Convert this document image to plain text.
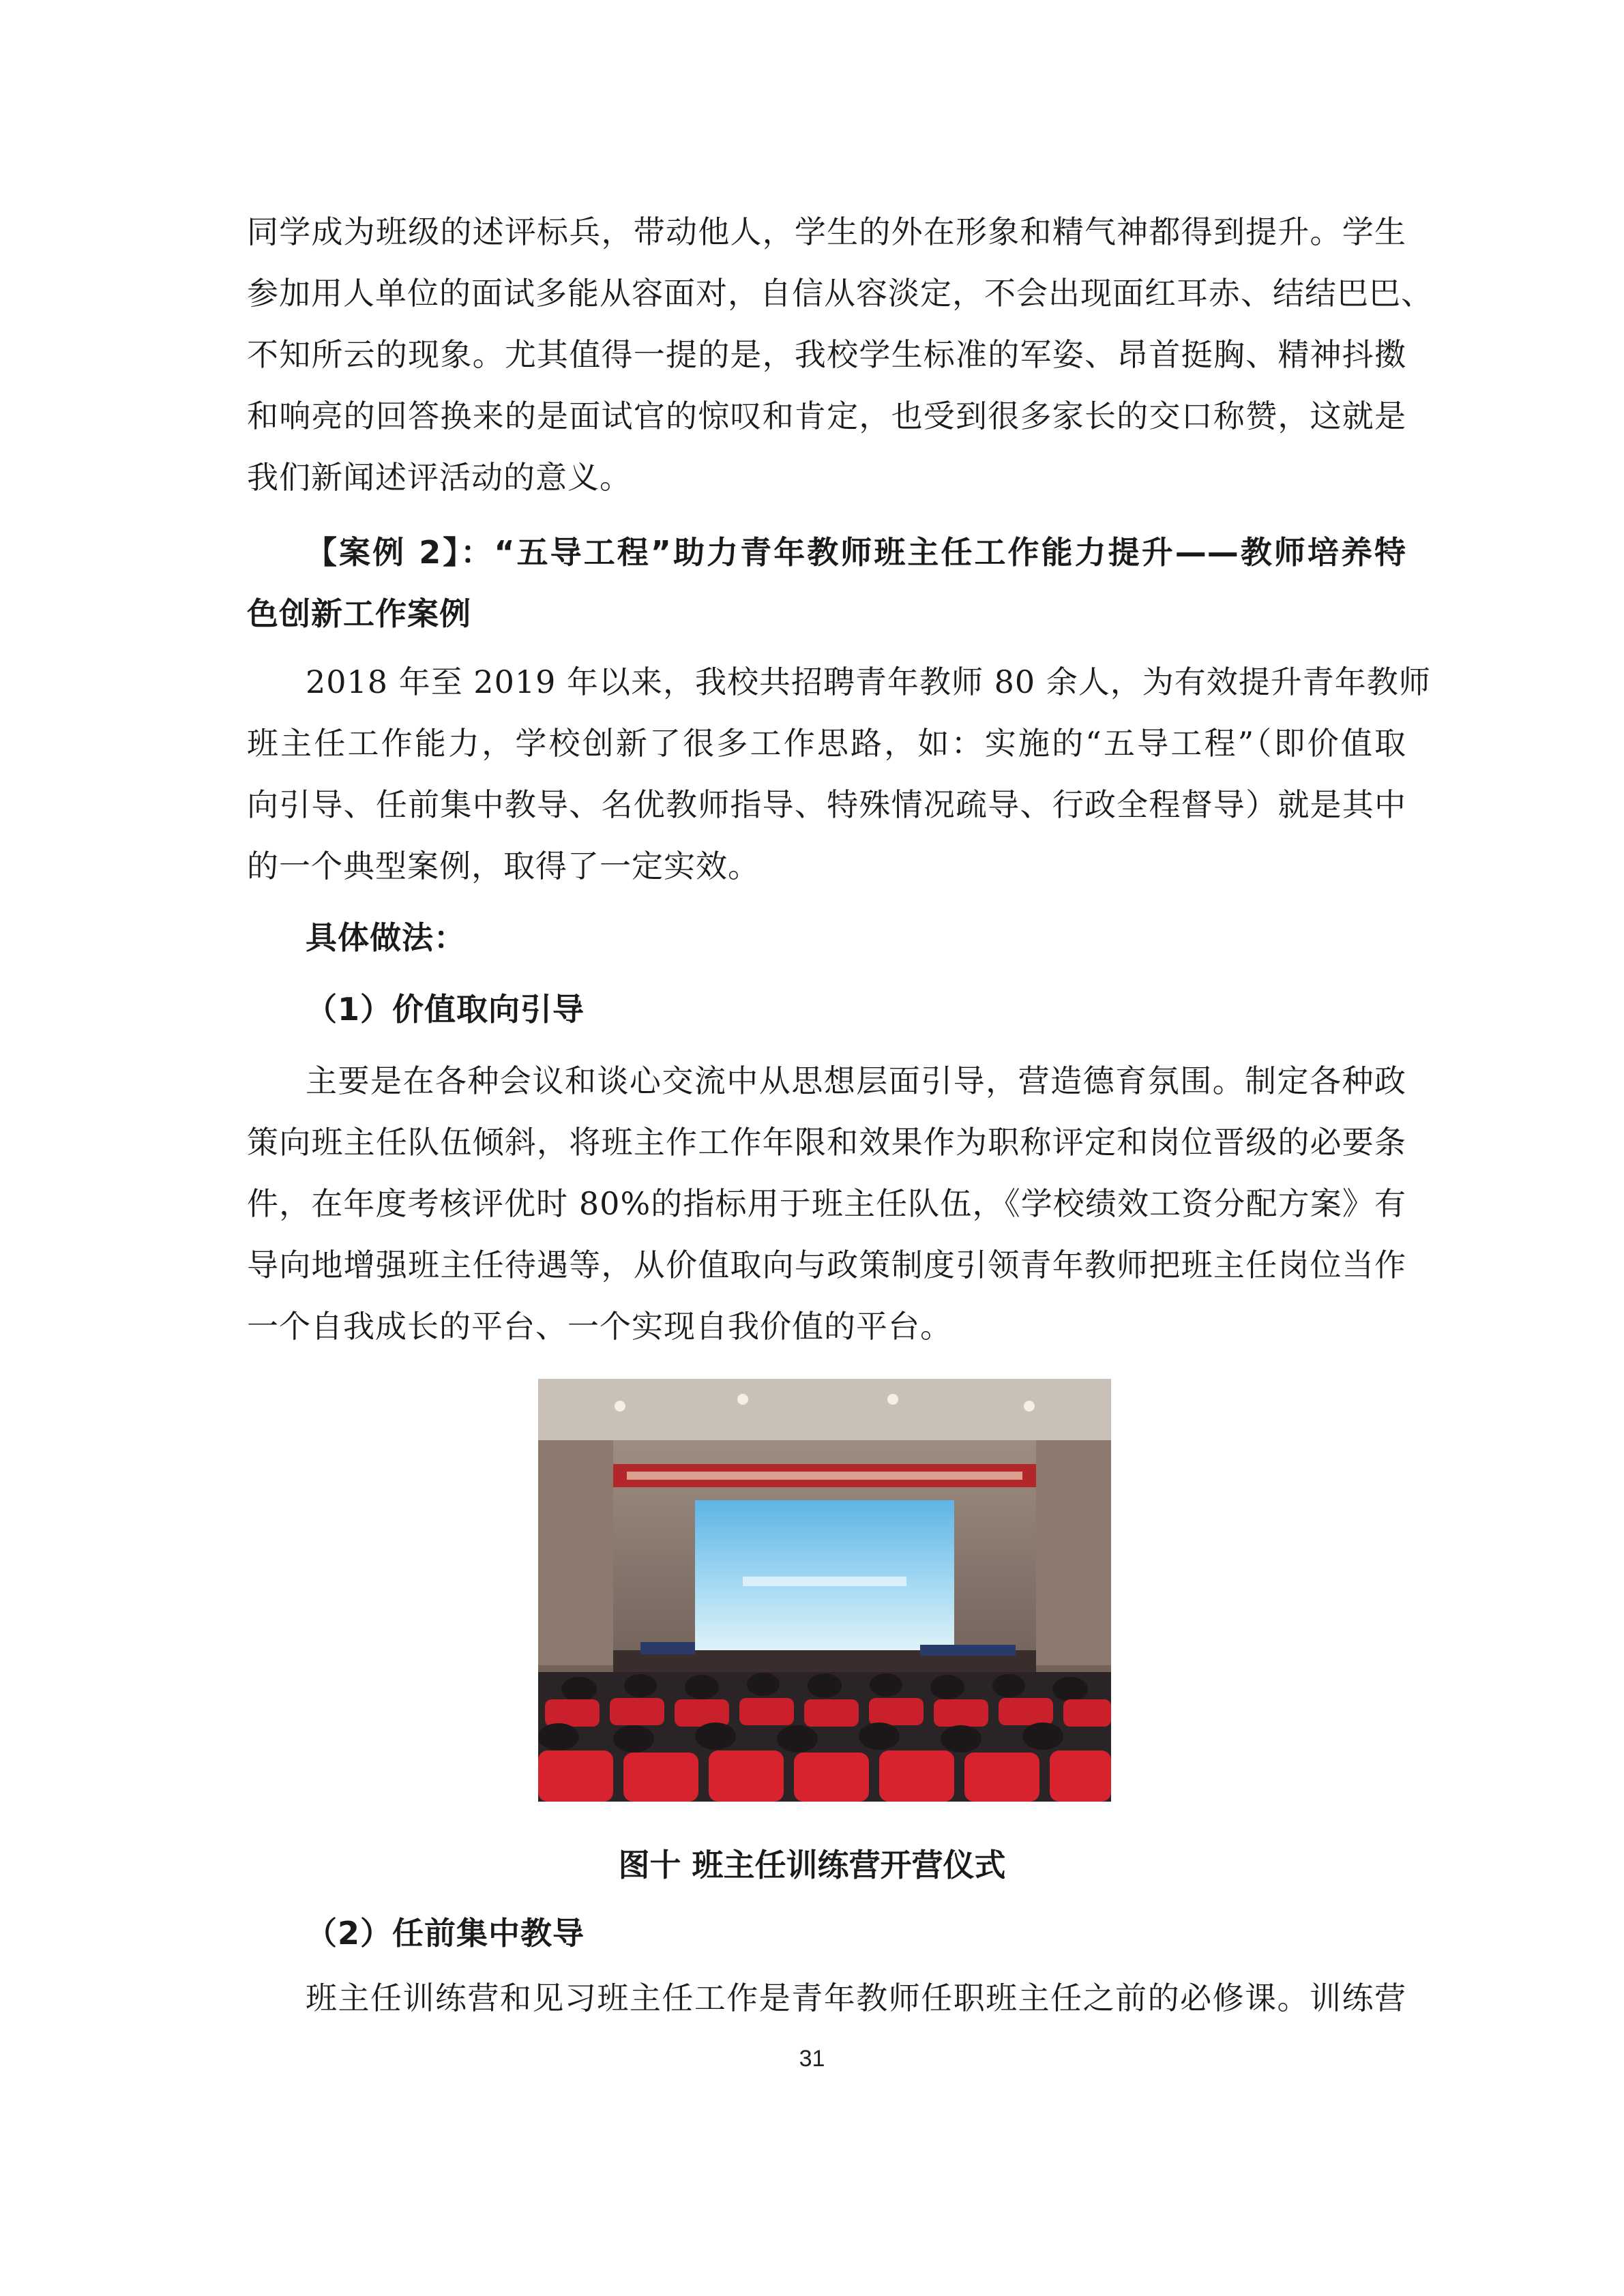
同学成为班级的述评标兵，带动他人，学生的外在形象和精气神都得到提升。学生
参加用人单位的面试多能从容面对，自信从容淡定，不会出现面红耳赤、结结巴巴、
不知所云的现象。尤其值得一提的是，我校学生标准的军姿、昂首挺胸、精神抖擞
和响亮的回答换来的是面试官的惊叹和肯定，也受到很多家长的交口称赞，这就是
我们新闻述评活动的意义。
【案例 2】：“五导工程”助力青年教师班主任工作能力提升——教师培养特
色创新工作案例
2018 年至 2019 年以来，我校共招聘青年教师 80 余人，为有效提升青年教师
班主任工作能力，学校创新了很多工作思路，如：实施的“五导工程”（即价值取
向引导、任前集中教导、名优教师指导、特殊情况疏导、行政全程督导）就是其中
的一个典型案例，取得了一定实效。
具体做法：
（1）价值取向引导
主要是在各种会议和谈心交流中从思想层面引导，营造德育氛围。制定各种政
策向班主任队伍倾斜，将班主作工作年限和效果作为职称评定和岗位晋级的必要条
件，在年度考核评优时 80%的指标用于班主任队伍，《学校绩效工资分配方案》有
导向地增强班主任待遇等，从价值取向与政策制度引领青年教师把班主任岗位当作
一个自我成长的平台、一个实现自我价值的平台。
图十 班主任训练营开营仪式
（2）任前集中教导
班主任训练营和见习班主任工作是青年教师任职班主任之前的必修课。训练营
31
